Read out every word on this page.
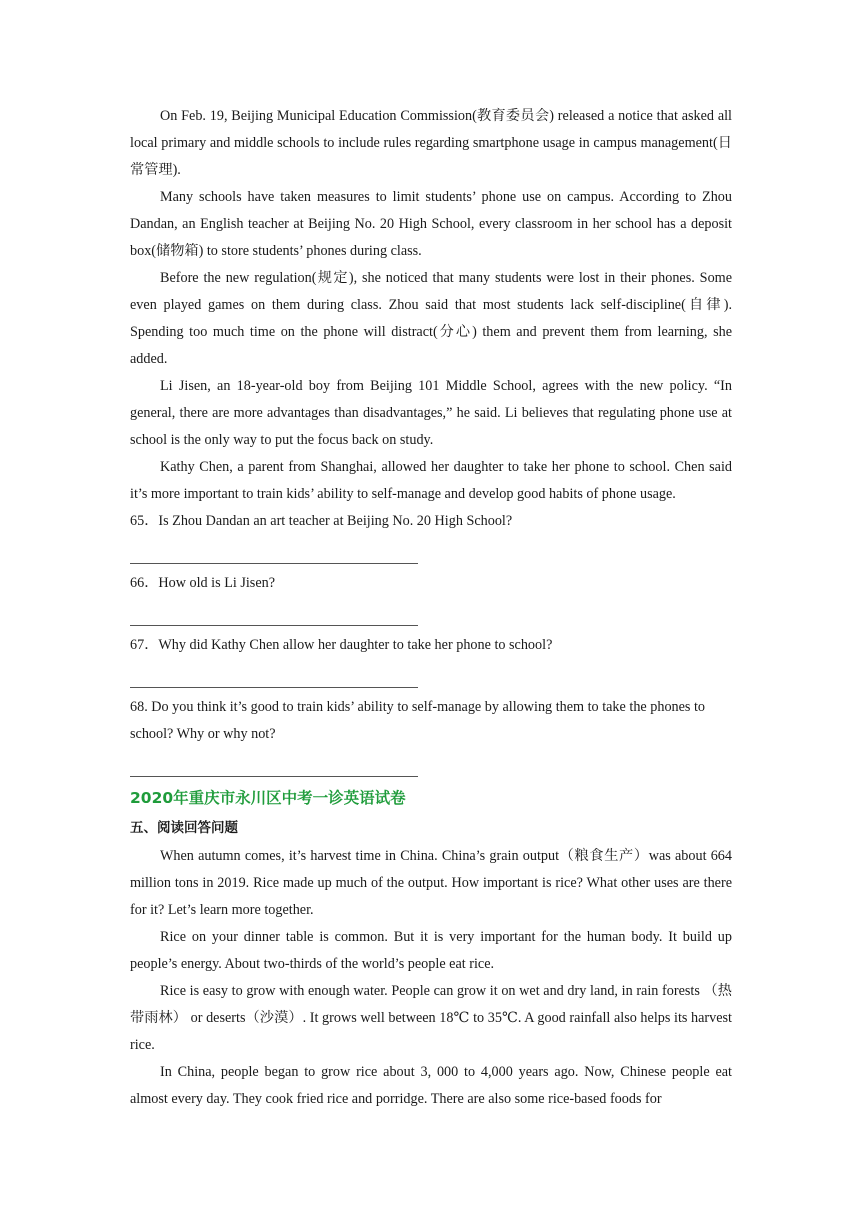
On Feb. 19, Beijing Municipal Education Commission(教育委员会) released a notice that asked all local primary and middle schools to include rules regarding smartphone usage in campus management(日常管理).

Many schools have taken measures to limit students’ phone use on campus. According to Zhou Dandan, an English teacher at Beijing No. 20 High School, every classroom in her school has a deposit box(储物箱) to store students’ phones during class.

Before the new regulation(规定), she noticed that many students were lost in their phones. Some even played games on them during class. Zhou said that most students lack self-discipline(自律). Spending too much time on the phone will distract(分心) them and prevent them from learning, she added.

Li Jisen, an 18-year-old boy from Beijing 101 Middle School, agrees with the new policy. “In general, there are more advantages than disadvantages,” he said. Li believes that regulating phone use at school is the only way to put the focus back on study.

Kathy Chen, a parent from Shanghai, allowed her daughter to take her phone to school. Chen said it’s more important to train kids’ ability to self-manage and develop good habits of phone usage.

65．Is Zhou Dandan an art teacher at Beijing No. 20 High School?

66．How old is Li Jisen?

67．Why did Kathy Chen allow her daughter to take her phone to school?

68. Do you think it’s good to train kids’ ability to self-manage by allowing them to take the phones to school? Why or why not?

2020年重庆市永川区中考一诊英语试卷

五、阅读回答问题

When autumn comes, it’s harvest time in China. China’s grain output（粮食生产）was about 664 million tons in 2019. Rice made up much of the output. How important is rice? What other uses are there for it? Let’s learn more together.

Rice on your dinner table is common. But it is very important for the human body. It build up people’s energy. About two-thirds of the world’s people eat rice.

Rice is easy to grow with enough water. People can grow it on wet and dry land, in rain forests （热带雨林） or deserts（沙漠）. It grows well between 18℃ to 35℃. A good rainfall also helps its harvest rice.

In China, people began to grow rice about 3, 000 to 4,000 years ago. Now, Chinese people eat almost every day. They cook fried rice and porridge. There are also some rice-based foods for
